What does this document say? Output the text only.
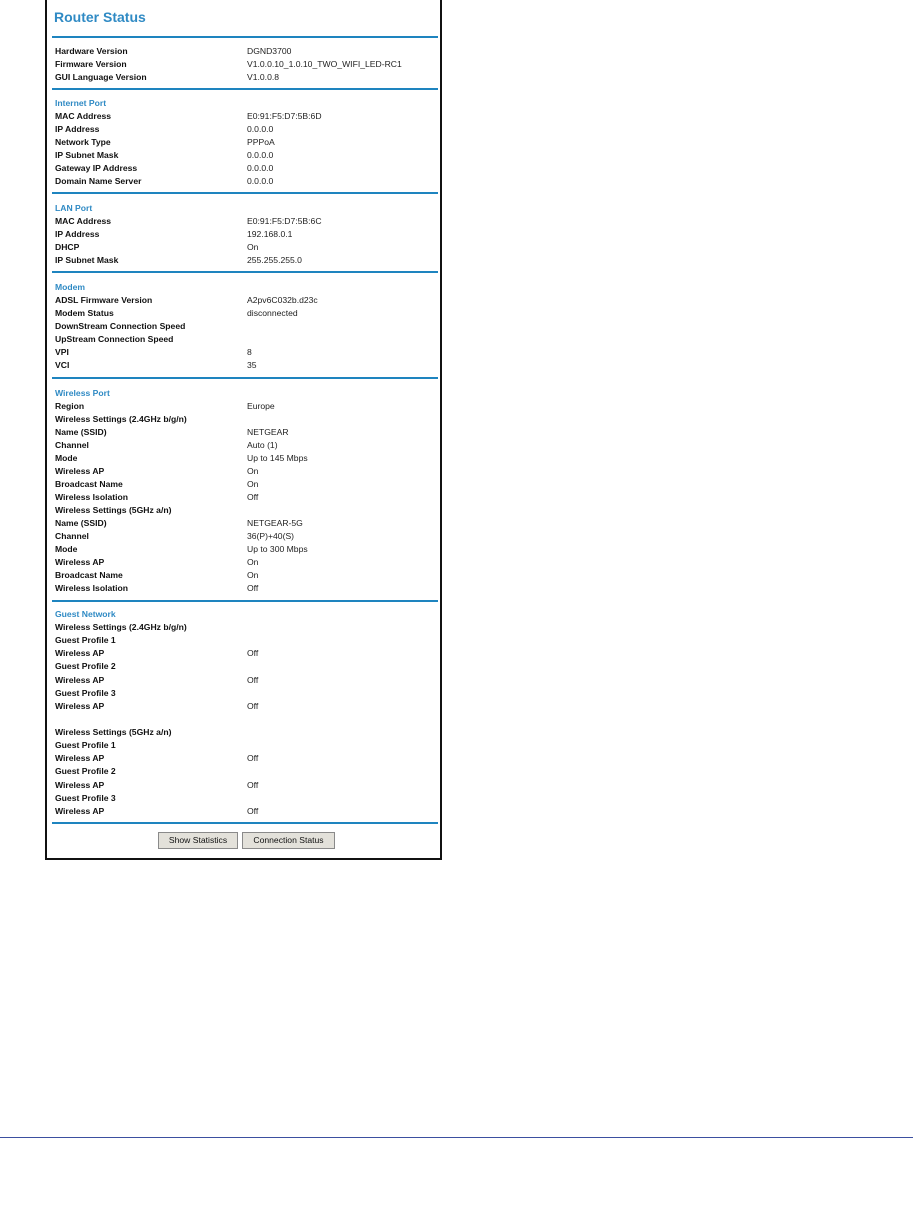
Router Status
Hardware Version	DGND3700
Firmware Version	V1.0.0.10_1.0.10_TWO_WIFI_LED-RC1
GUI Language Version	V1.0.0.8
Internet Port
MAC Address	E0:91:F5:D7:5B:6D
IP Address	0.0.0.0
Network Type	PPPoA
IP Subnet Mask	0.0.0.0
Gateway IP Address	0.0.0.0
Domain Name Server	0.0.0.0
LAN Port
MAC Address	E0:91:F5:D7:5B:6C
IP Address	192.168.0.1
DHCP	On
IP Subnet Mask	255.255.255.0
Modem
ADSL Firmware Version	A2pv6C032b.d23c
Modem Status	disconnected
DownStream Connection Speed
UpStream Connection Speed
VPI	8
VCI	35
Wireless Port
Region	Europe
Wireless Settings (2.4GHz b/g/n)
Name (SSID)	NETGEAR
Channel	Auto (1)
Mode	Up to 145 Mbps
Wireless AP	On
Broadcast Name	On
Wireless Isolation	Off
Wireless Settings (5GHz a/n)
Name (SSID)	NETGEAR-5G
Channel	36(P)+40(S)
Mode	Up to 300 Mbps
Wireless AP	On
Broadcast Name	On
Wireless Isolation	Off
Guest Network
Wireless Settings (2.4GHz b/g/n)
Guest Profile 1
Wireless AP	Off
Guest Profile 2
Wireless AP	Off
Guest Profile 3
Wireless AP	Off
Wireless Settings (5GHz a/n)
Guest Profile 1
Wireless AP	Off
Guest Profile 2
Wireless AP	Off
Guest Profile 3
Wireless AP	Off
Show Statistics	Connection Status
